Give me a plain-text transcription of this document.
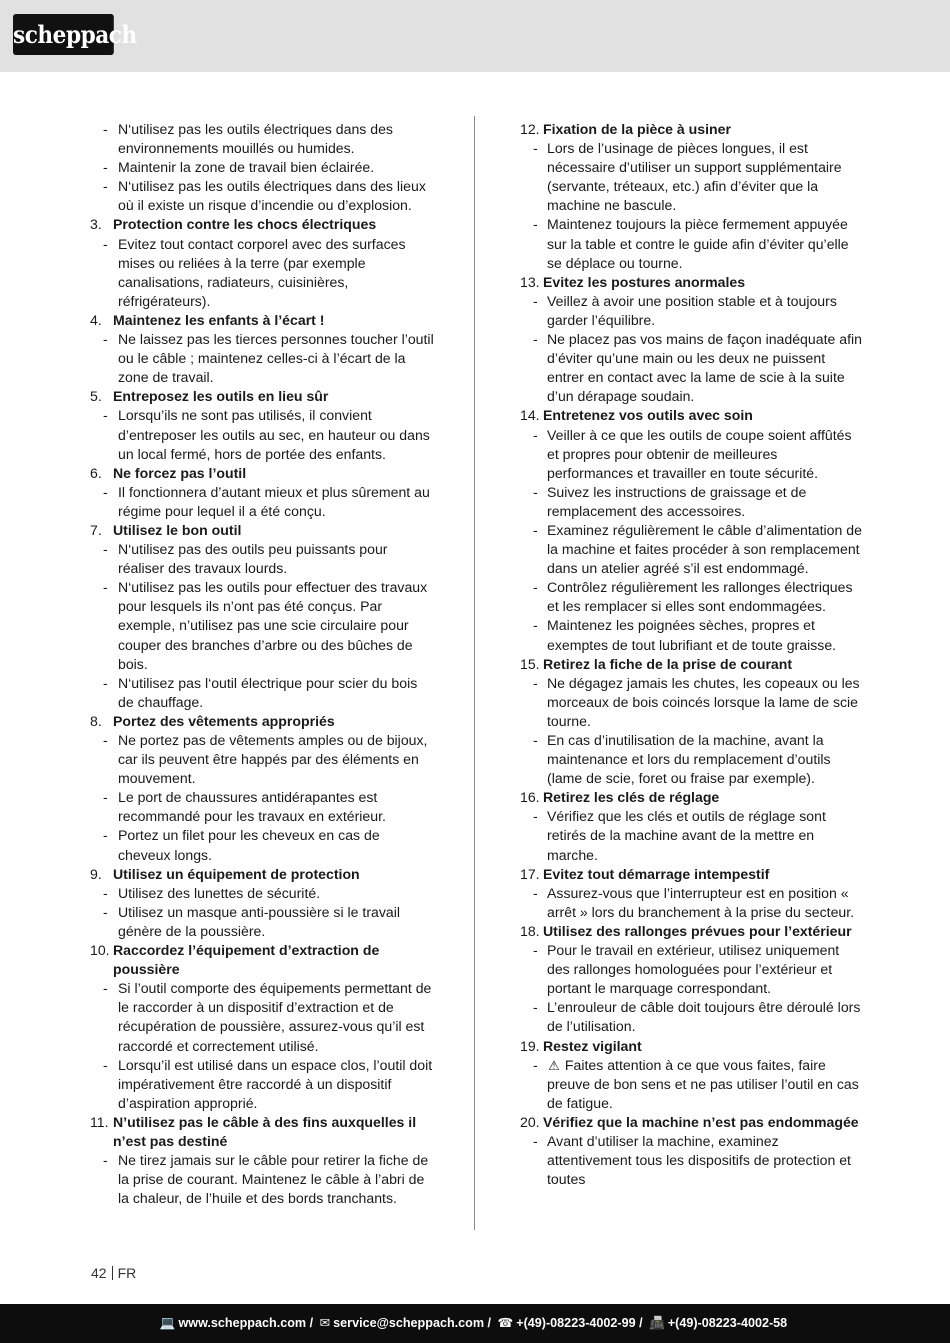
scheppach
- N‘utilisez pas les outils électriques dans des environnements mouillés ou humides.
- Maintenir la zone de travail bien éclairée.
- N‘utilisez pas les outils électriques dans des lieux où il existe un risque d’incendie ou d’explosion.
3. Protection contre les chocs électriques
- Evitez tout contact corporel avec des surfaces mises ou reliées à la terre (par exemple canalisations, radiateurs, cuisinières, réfrigérateurs).
4. Maintenez les enfants à l’écart !
- Ne laissez pas les tierces personnes toucher l’outil ou le câble ; maintenez celles-ci à l’écart de la zone de travail.
5. Entreposez les outils en lieu sûr
- Lorsqu’ils ne sont pas utilisés, il convient d’entreposer les outils au sec, en hauteur ou dans un local fermé, hors de portée des enfants.
6. Ne forcez pas l’outil
- Il fonctionnera d’autant mieux et plus sûrement au régime pour lequel il a été conçu.
7. Utilisez le bon outil
- N‘utilisez pas des outils peu puissants pour réaliser des travaux lourds.
- N‘utilisez pas les outils pour effectuer des travaux pour lesquels ils n’ont pas été conçus. Par exemple, n’utilisez pas une scie circulaire pour couper des branches d’arbre ou des bûches de bois.
- N‘utilisez pas l‘outil électrique pour scier du bois de chauffage.
8. Portez des vêtements appropriés
- Ne portez pas de vêtements amples ou de bijoux, car ils peuvent être happés par des éléments en mouvement.
- Le port de chaussures antidérapantes est recommandé pour les travaux en extérieur.
- Portez un filet pour les cheveux en cas de cheveux longs.
9. Utilisez un équipement de protection
- Utilisez des lunettes de sécurité.
- Utilisez un masque anti-poussière si le travail génère de la poussière.
10. Raccordez l’équipement d’extraction de poussière
- Si l’outil comporte des équipements permettant de le raccorder à un dispositif d’extraction et de récupération de poussière, assurez-vous qu’il est raccordé et correctement utilisé.
- Lorsqu’il est utilisé dans un espace clos, l’outil doit impérativement être raccordé à un dispositif d’aspiration approprié.
11. N’utilisez pas le câble à des fins auxquelles il n’est pas destiné
- Ne tirez jamais sur le câble pour retirer la fiche de la prise de courant. Maintenez le câble à l’abri de la chaleur, de l’huile et des bords tranchants.
12. Fixation de la pièce à usiner
- Lors de l’usinage de pièces longues, il est nécessaire d’utiliser un support supplémentaire (servante, tréteaux, etc.) afin d’éviter que la machine ne bascule.
- Maintenez toujours la pièce fermement appuyée sur la table et contre le guide afin d’éviter qu’elle se déplace ou tourne.
13. Evitez les postures anormales
- Veillez à avoir une position stable et à toujours garder l’équilibre.
- Ne placez pas vos mains de façon inadéquate afin d’éviter qu’une main ou les deux ne puissent entrer en contact avec la lame de scie à la suite d’un dérapage soudain.
14. Entretenez vos outils avec soin
- Veiller à ce que les outils de coupe soient affûtés et propres pour obtenir de meilleures performances et travailler en toute sécurité.
- Suivez les instructions de graissage et de remplacement des accessoires.
- Examinez régulièrement le câble d’alimentation de la machine et faites procéder à son remplacement dans un atelier agréé s’il est endommagé.
- Contrôlez régulièrement les rallonges électriques et les remplacer si elles sont endommagées.
- Maintenez les poignées sèches, propres et exemptes de tout lubrifiant et de toute graisse.
15. Retirez la fiche de la prise de courant
- Ne dégagez jamais les chutes, les copeaux ou les morceaux de bois coincés lorsque la lame de scie tourne.
- En cas d’inutilisation de la machine, avant la maintenance et lors du remplacement d’outils (lame de scie, foret ou fraise par exemple).
16. Retirez les clés de réglage
- Vérifiez que les clés et outils de réglage sont retirés de la machine avant de la mettre en marche.
17. Evitez tout démarrage intempestif
- Assurez-vous que l’interrupteur est en position « arrêt » lors du branchement à la prise du secteur.
18. Utilisez des rallonges prévues pour l’extérieur
- Pour le travail en extérieur, utilisez uniquement des rallonges homologuées pour l’extérieur et portant le marquage correspondant.
- L’enrouleur de câble doit toujours être déroulé lors de l’utilisation.
19. Restez vigilant
- ⚠ Faites attention à ce que vous faites, faire preuve de bon sens et ne pas utiliser l’outil en cas de fatigue.
20. Vérifiez que la machine n’est pas endommagée
- Avant d’utiliser la machine, examinez attentivement tous les dispositifs de protection et toutes
42 FR
💻 www.scheppach.com / ✉ service@scheppach.com / ☎ +(49)-08223-4002-99 / 📠 +(49)-08223-4002-58
